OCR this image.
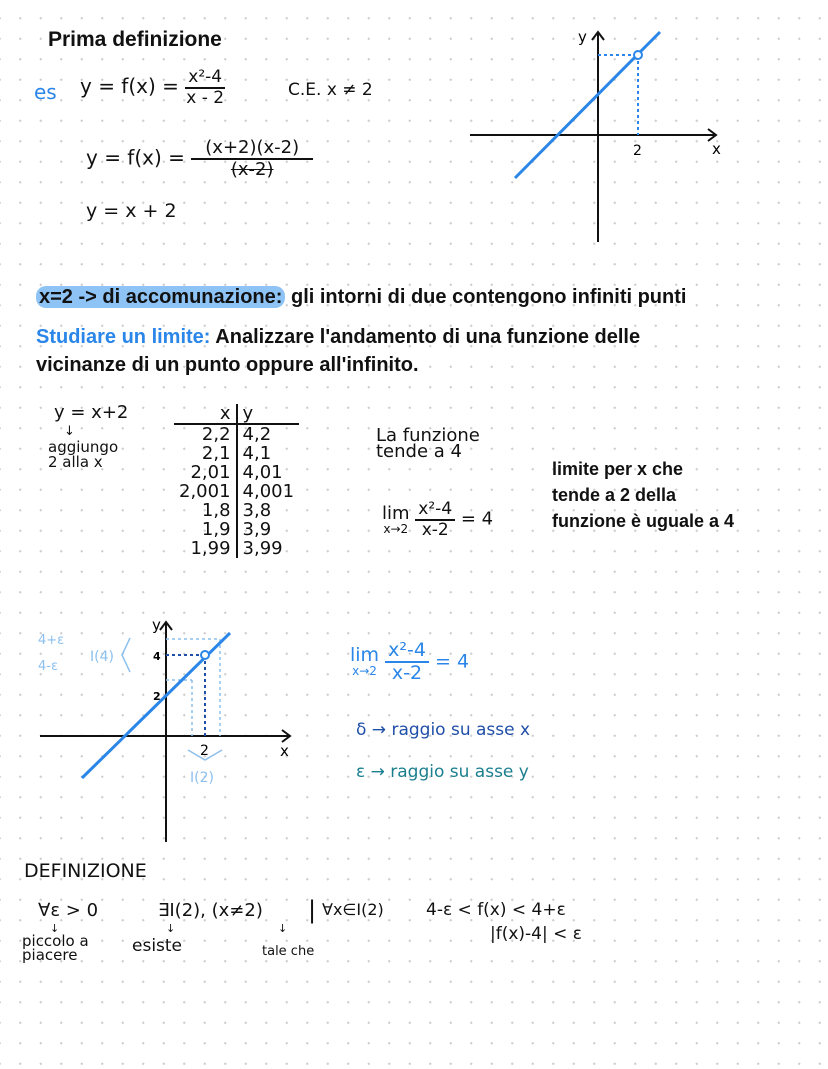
Prima definizione
es $y = f(x) = \frac{\text{x²-4}}{x - 2}$	C.E. x ≠ 2
$y = f(x) = \frac{(x+2)(x-2)}{(x-2)}$
y = x + 2
y
x
2
x=2 -> di accomunazione: gli intorni di due contengono infiniti punti
Studiare un limite: Analizzare l'andamento di una funzione delle
vicinanze di un punto oppure all'infinito.
y = x+2
↓
aggiungo
2 alla x
x	y
2,2	4,2
2,1	4,1
2,01	4,01
2,001	4,001
1,8	3,8
1,9	3,9
1,99	3,99
La funzione
tende a 4
lim
x→2
$\frac{\text{x²-4}}{x-2} = 4$
limite per x che
tende a 2 della
funzione è uguale a 4
y
x
4
2
2
4+ε
4-ε
I(4)
I(2)
lim
x→2
$\frac{\text{x²-4}}{x-2} = 4$
δ → raggio su asse x
ε → raggio su asse y
DEFINIZIONE
∀ε > 0	∃I(2), (x≠2) | ∀x∈I(2) 4-ε < f(x) < 4+ε
|f(x)-4| < ε
↓	↓	↓
piccolo a
piacere	esiste	tale che
